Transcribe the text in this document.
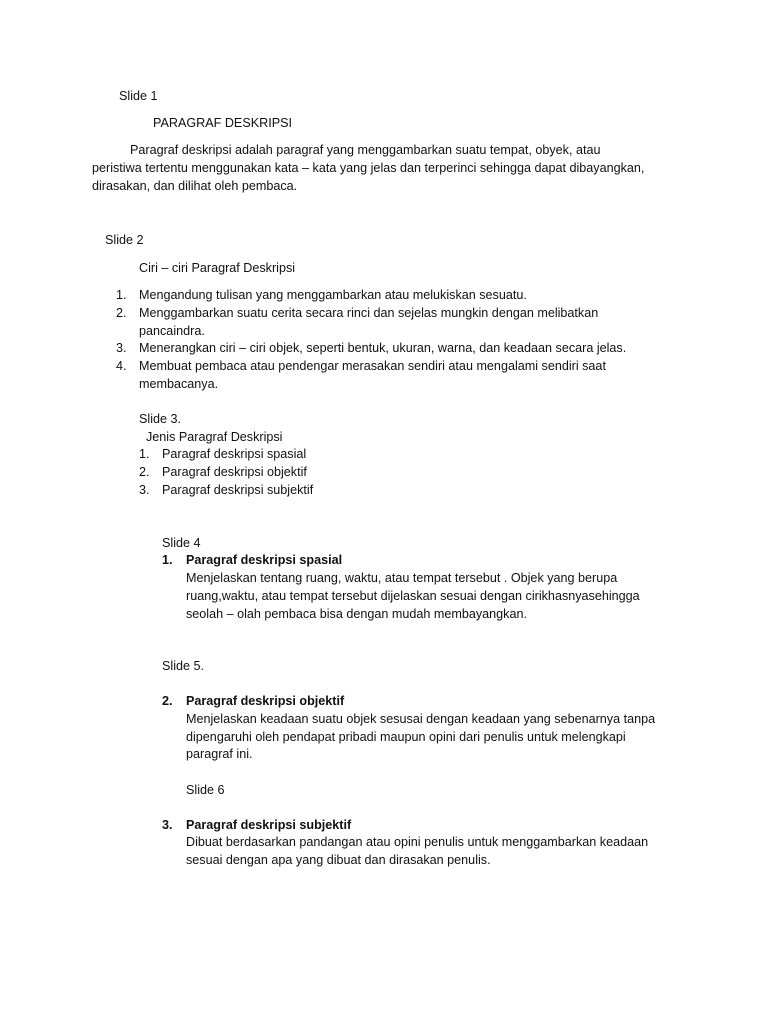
Slide 1
PARAGRAF DESKRIPSI
Paragraf deskripsi adalah paragraf yang menggambarkan suatu tempat, obyek, atau
peristiwa tertentu menggunakan kata – kata yang jelas dan terperinci sehingga dapat dibayangkan,
dirasakan, dan dilihat oleh pembaca.
Slide 2
Ciri – ciri Paragraf Deskripsi
1. Mengandung tulisan yang menggambarkan atau melukiskan sesuatu.
2. Menggambarkan suatu cerita secara rinci dan sejelas mungkin dengan melibatkan
pancaindra.
3. Menerangkan ciri – ciri objek, seperti bentuk, ukuran, warna, dan keadaan secara jelas.
4. Membuat pembaca atau pendengar merasakan sendiri atau mengalami sendiri saat
membacanya.
Slide 3.
Jenis Paragraf Deskripsi
1. Paragraf deskripsi spasial
2. Paragraf deskripsi objektif
3. Paragraf deskripsi subjektif
Slide 4
1. Paragraf deskripsi spasial
Menjelaskan tentang ruang, waktu, atau tempat tersebut . Objek yang berupa
ruang,waktu, atau tempat tersebut dijelaskan sesuai dengan cirikhasnyasehingga
seolah – olah pembaca bisa dengan mudah membayangkan.
Slide 5.
2. Paragraf deskripsi objektif
Menjelaskan keadaan suatu objek sesusai dengan keadaan yang sebenarnya tanpa
dipengaruhi oleh pendapat pribadi maupun opini dari penulis untuk melengkapi
paragraf ini.
Slide 6
3. Paragraf deskripsi subjektif
Dibuat berdasarkan pandangan atau opini penulis untuk menggambarkan keadaan
sesuai dengan apa yang dibuat dan dirasakan penulis.
